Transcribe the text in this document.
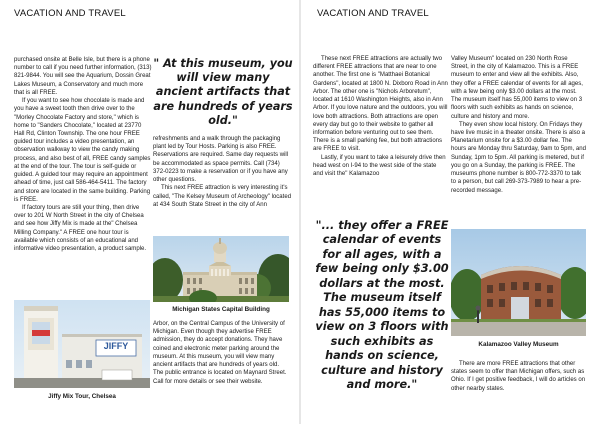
VACATION AND TRAVEL

purchased onsite at Belle Isle, but there is a phone number to call if you need further information, (313) 821-9844. You will see the Aquarium, Dossin Great Lakes Museum, a Conservatory and much more that is all FREE.

If you want to see how chocolate is made and you have a sweet tooth then drive over to the "Morley Chocolate Factory and store," which is home to "Sanders Chocolate," located at 23770 Hall Rd, Clinton Township. The one hour FREE guided tour includes a video presentation, an observation walkway to view the candy making process, and also best of all, FREE candy samples at the end of the tour. The tour is self-guide or guided. A guided tour may require an appointment ahead of time, just call 586-464-5411. The factory and store are located in the same building. Parking is FREE.

If factory tours are still your thing, then drive over to 201 W North Street in the city of Chelsea and see how Jiffy Mix is made at the" Chelsea Milling Company." A FREE one hour tour is available which consists of an educational and informative video presentation, a product sample.

" At this museum, you will view many ancient artifacts that are hundreds of years old."

refreshments and a walk through the packaging plant led by Tour Hosts. Parking is also FREE. Reservations are required. Same day requests will be accommodated as space permits. Call (734) 372-0223 to make a reservation or if you have any other questions.

This next FREE attraction is very interesting it's called, "The Kelsey Museum of Archeology" located at 434 South State Street in the city of Ann

Michigan States Capital Building
Arbor, on the Central Campus of the University of Michigan. Even though they advertise FREE admission, they do accept donations. They have coined and electronic meter parking around the museum. At this museum, you will view many ancient artifacts that are hundreds of years old. The public entrance is located on Maynard Street. Call for more details or see their website.
JIFFY
Jiffy Mix Tour, Chelsea
VACATION AND TRAVEL

These next FREE attractions are actually two different FREE attractions that are near to one another. The first one is "Matthaei Botanical Gardens", located at 1800 N. Dixboro Road in Ann Arbor. The other one is "Nichols Arboretum", located at 1610 Washington Heights, also in Ann Arbor. If you love nature and the outdoors, you will love both attractions. Both attractions are open every day but go to their website to gather all information before venturing out to see them. There is a small parking fee, but both attractions are FREE to visit.

Lastly, if you want to take a leisurely drive then head west on I-94 to the west side of the state and visit the" Kalamazoo

"... they offer a FREE calendar of events for all ages, with a few being only $3.00 dollars at the most. The museum itself has 55,000 items to view on 3 floors with such exhibits as hands on science, culture and history and more."

Valley Museum" located on 230 North Rose Street, in the city of Kalamazoo. This is a FREE museum to enter and view all the exhibits. Also, they offer a FREE calendar of events for all ages, with a few being only $3.00 dollars at the most. The museum itself has 55,000 items to view on 3 floors with such exhibits as hands on science, culture and history and more.

They even show local history. On Fridays they have live music in a theater onsite. There is also a Planetarium onsite for a $3.00 dollar fee. The hours are Monday thru Saturday, 9am to 5pm, and Sunday, 1pm to 5pm. All parking is metered, but if you go on a Sunday, the parking is FREE. The museums phone number is 800-772-3370 to talk to a person, but call 269-373-7989 to hear a pre-recorded message.

Kalamazoo Valley Museum
There are more FREE attractions that other states seem to offer than Michigan offers, such as Ohio. If I get positive feedback, I will do articles on other nearby states.
